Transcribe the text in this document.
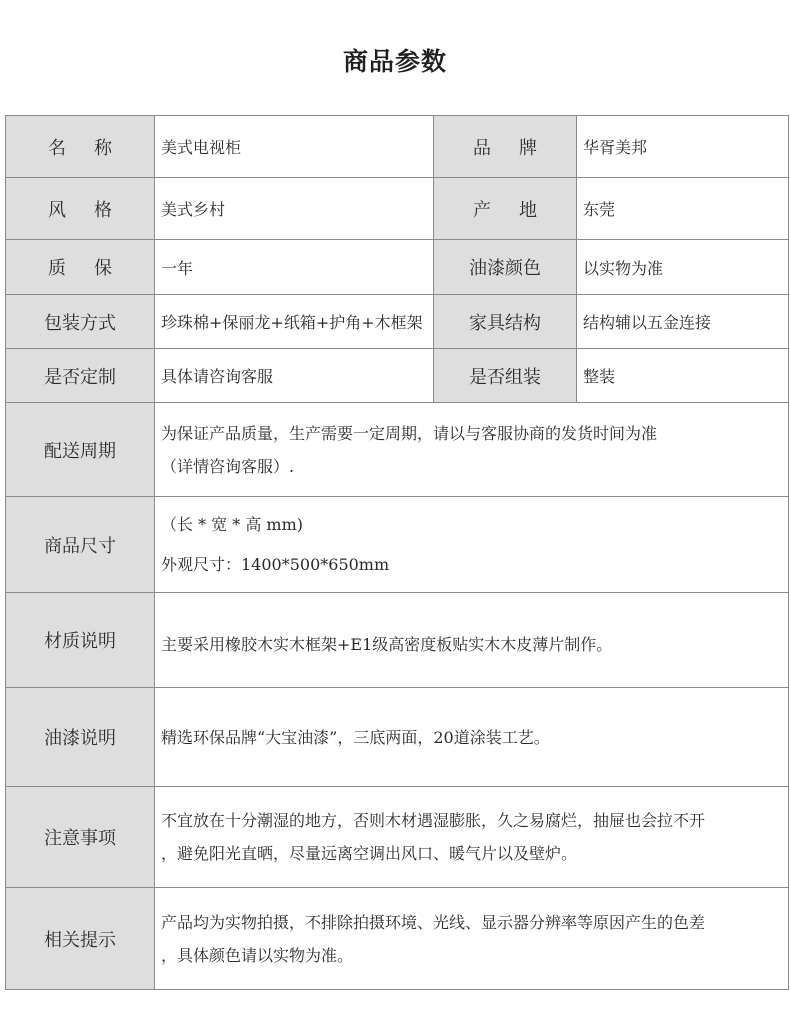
商品参数
名称	美式电视柜	品牌	华胥美邦
风格	美式乡村	产地	东莞
质保	一年	油漆颜色	以实物为准
包装方式	珍珠棉+保丽龙+纸箱+护角+木框架	家具结构	结构辅以五金连接
是否定制	具体请咨询客服	是否组装	整装
配送周期	为保证产品质量，生产需要一定周期，请以与客服协商的发货时间为准
（详情咨询客服）.		

商品尺寸	（长 * 宽 * 高 mm)
外观尺寸：1400*500*650mm		

材质说明	主要采用橡胶木实木框架+E1级高密度板贴实木木皮薄片制作。		

油漆说明	精选环保品牌“大宝油漆”，三底两面，20道涂装工艺。		

注意事项	不宜放在十分潮湿的地方，否则木材遇湿膨胀，久之易腐烂，抽屉也会拉不开
，避免阳光直晒，尽量远离空调出风口、暖气片以及壁炉。		

相关提示	产品均为实物拍摄，不排除拍摄环境、光线、显示器分辨率等原因产生的色差
，具体颜色请以实物为准。		
